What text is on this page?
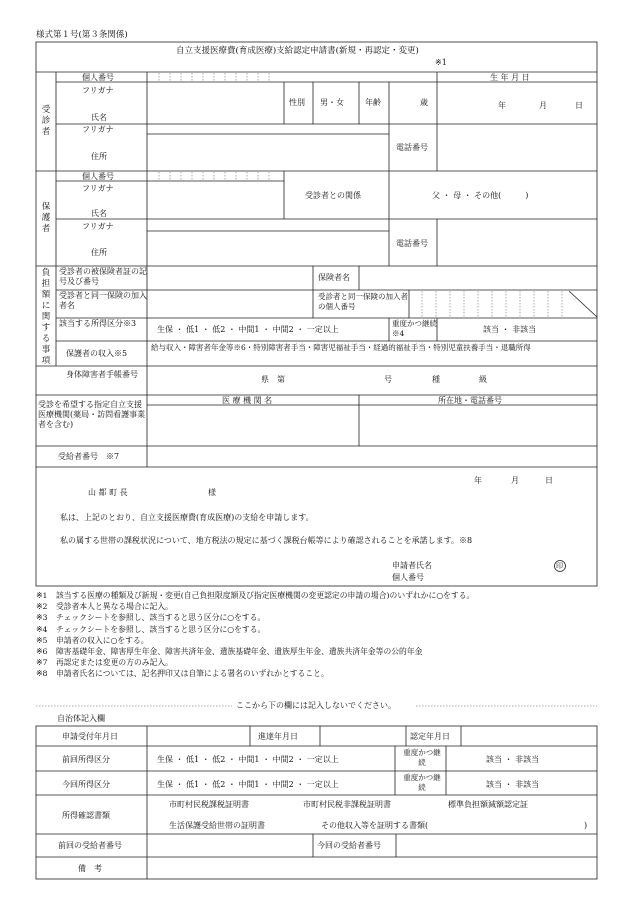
様式第１号(第３条関係)
自立支援医療費(育成医療)支給認定申請書(新規・再認定・変更)
※1
受診者
個人番号	生 年 月 日
フリガナ
氏名
性別 男・女	年齢	歳	年	月	日
フリガナ
住所
電話番号
保護者
個人番号
フリガナ
氏名
受診者との関係	父 ・ 母 ・ その他(　　　)
フリガナ
住所
電話番号
負担額に関する事項
受診者の被保険者証の記号及び番号	保険者名
受診者と同一保険の加入者名
受診者と同一保険の加入者の個人番号
該当する所得区分※3
生保 ・ 低1 ・ 低2 ・ 中間1 ・ 中間2 ・ 一定以上
重度かつ継続 ※4	該当 ・ 非該当
保護者の収入※5
給与収入・障害者年金等※6・特別障害者手当・障害児福祉手当・経過的福祉手当・特別児童扶養手当・退職所得
身体障害者手帳番号
県　第	号	種	級
受診を希望する指定自立支援医療機関(薬局・訪問看護事業者を含む)
医 療 機 関 名	所在地・電話番号
受給者番号　※7
年	月	日
山 都 町 長	様
私は、上記のとおり、自立支援医療費(育成医療)の支給を申請します。
私の属する世帯の課税状況について、地方税法の規定に基づく課税台帳等により確認されることを承諾します。※8
申請者氏名
個人番号
印
※1 該当する医療の種類及び新規・変更(自己負担限度額及び指定医療機関の変更認定の申請の場合)のいずれかに○をする。
※2 受診者本人と異なる場合に記入。
※3 チェックシートを参照し、該当すると思う区分に○をする。
※4 チェックシートを参照し、該当すると思う区分に○をする。
※5 申請者の収入に○をする。
※6 障害基礎年金、障害厚生年金、障害共済年金、遺族基礎年金、遺族厚生年金、遺族共済年金等の公的年金
※7 再認定または変更の方のみ記入。
※8 申請者氏名については、記名押印又は自筆による署名のいずれかとすること。
ここから下の欄には記入しないでください。
自治体記入欄
申請受付年月日	進達年月日	認定年月日
前回所得区分	生保 ・ 低1 ・ 低2 ・ 中間1 ・ 中間2 ・ 一定以上
重度かつ継続	該当 ・ 非該当
今回所得区分	生保 ・ 低1 ・ 低2 ・ 中間1 ・ 中間2 ・ 一定以上
重度かつ継続	該当 ・ 非該当
所得確認書類
市町村民税課税証明書	市町村民税非課税証明書	標準負担額減額認定証
生活保護受給世帯の証明書	その他収入等を証明する書類(	)
前回の受給者番号	今回の受給者番号
備　考
